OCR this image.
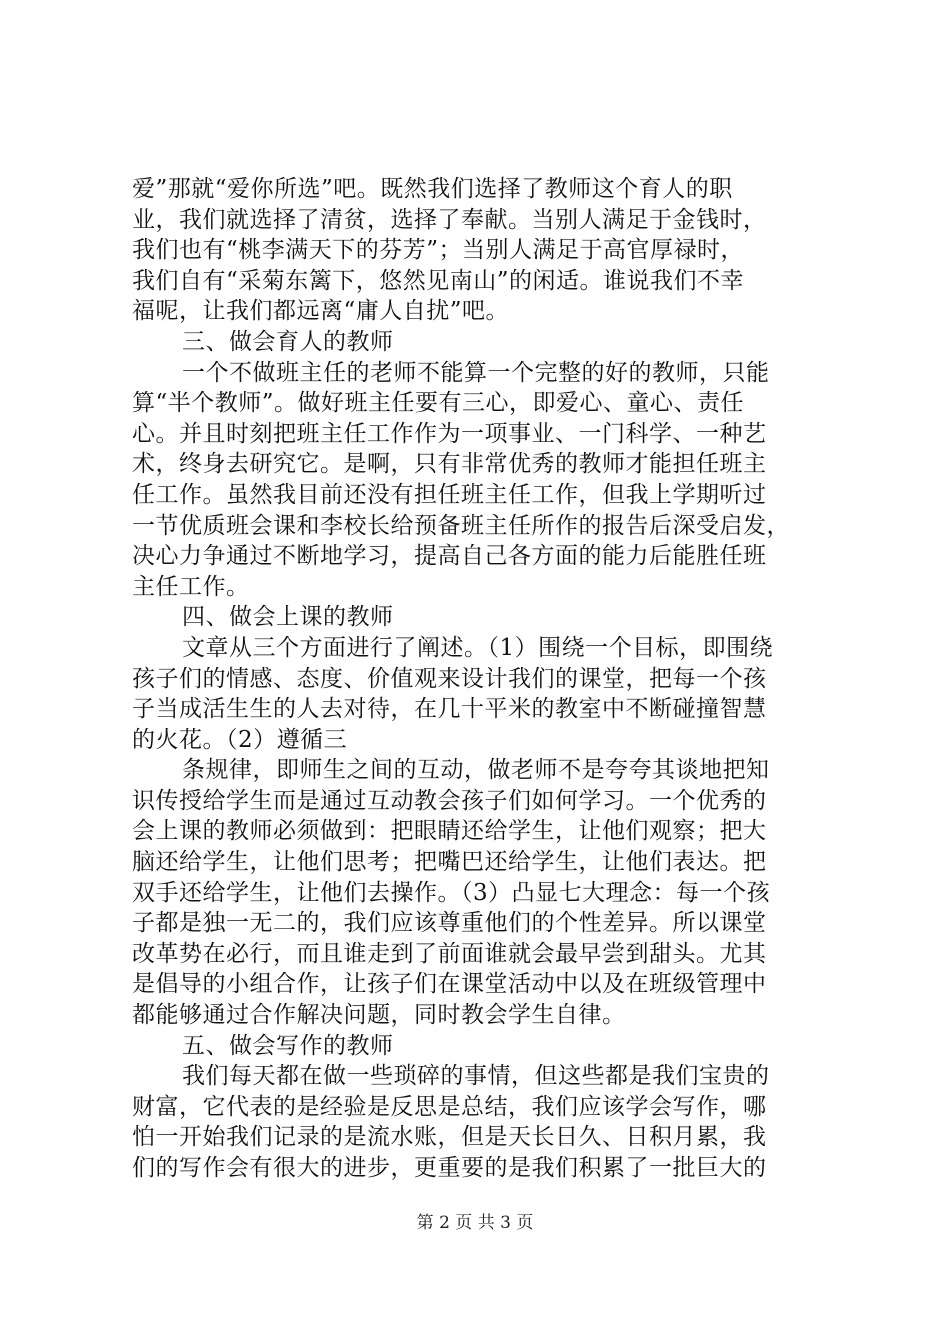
爱”那就“爱你所选”吧。既然我们选择了教师这个育人的职
业，我们就选择了清贫，选择了奉献。当别人满足于金钱时，
我们也有“桃李满天下的芬芳”；当别人满足于高官厚禄时，
我们自有“采菊东篱下，悠然见南山”的闲适。谁说我们不幸
福呢，让我们都远离“庸人自扰”吧。
三、做会育人的教师
一个不做班主任的老师不能算一个完整的好的教师，只能
算“半个教师”。做好班主任要有三心，即爱心、童心、责任
心。并且时刻把班主任工作作为一项事业、一门科学、一种艺
术，终身去研究它。是啊，只有非常优秀的教师才能担任班主
任工作。虽然我目前还没有担任班主任工作，但我上学期听过
一节优质班会课和李校长给预备班主任所作的报告后深受启发，
决心力争通过不断地学习，提高自己各方面的能力后能胜任班
主任工作。
四、做会上课的教师
文章从三个方面进行了阐述。（1）围绕一个目标，即围绕
孩子们的情感、态度、价值观来设计我们的课堂，把每一个孩
子当成活生生的人去对待，在几十平米的教室中不断碰撞智慧
的火花。（2）遵循三
条规律，即师生之间的互动，做老师不是夸夸其谈地把知
识传授给学生而是通过互动教会孩子们如何学习。一个优秀的
会上课的教师必须做到：把眼睛还给学生，让他们观察；把大
脑还给学生，让他们思考；把嘴巴还给学生，让他们表达。把
双手还给学生，让他们去操作。（3）凸显七大理念：每一个孩
子都是独一无二的，我们应该尊重他们的个性差异。所以课堂
改革势在必行，而且谁走到了前面谁就会最早尝到甜头。尤其
是倡导的小组合作，让孩子们在课堂活动中以及在班级管理中
都能够通过合作解决问题，同时教会学生自律。
五、做会写作的教师
我们每天都在做一些琐碎的事情，但这些都是我们宝贵的
财富，它代表的是经验是反思是总结，我们应该学会写作，哪
怕一开始我们记录的是流水账，但是天长日久、日积月累，我
们的写作会有很大的进步，更重要的是我们积累了一批巨大的
第 2 页 共 3 页
